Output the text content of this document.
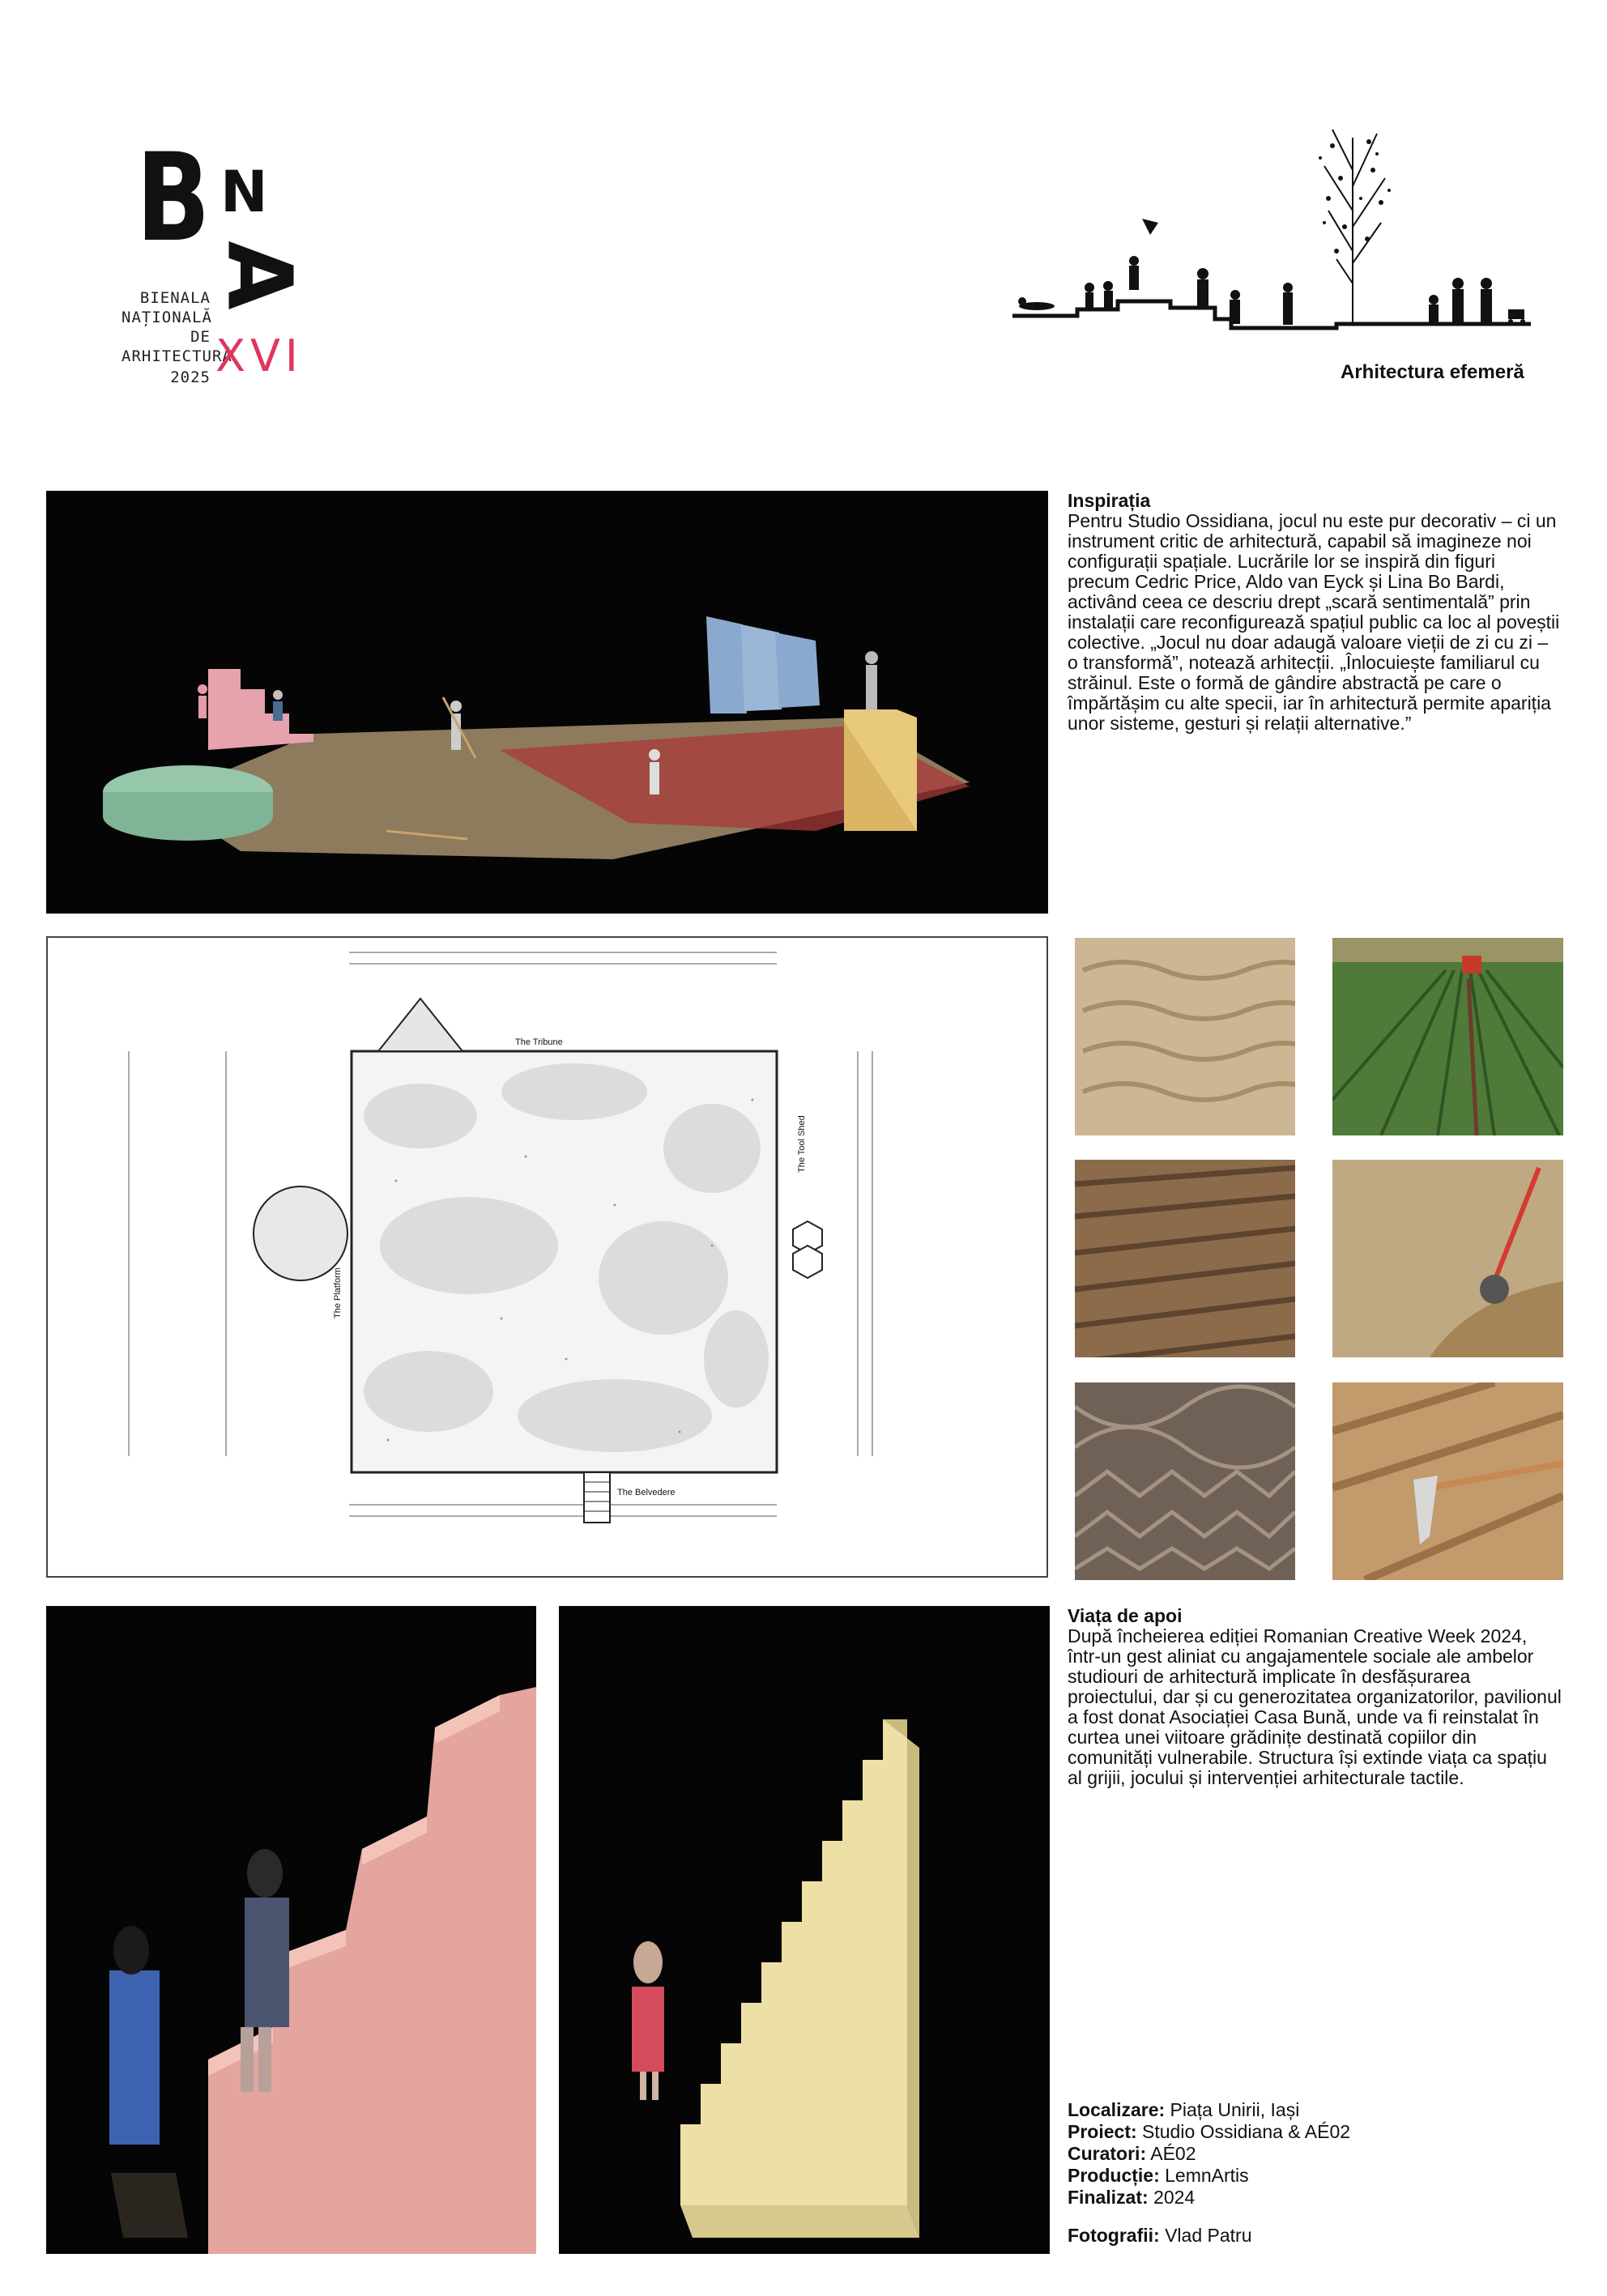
B N
A
BIENALA
NAȚIONALĂ
DE
ARHITECTURĂ
2025 XVI	Arhitectura efemeră
Inspirația

Pentru Studio Ossidiana, jocul nu este pur decorativ – ci un instrument critic de arhitectură, capabil să imagineze noi configurații spațiale. Lucrările lor se inspiră din figuri precum Cedric Price, Aldo van Eyck și Lina Bo Bardi, activând ceea ce descriu drept „scară sentimentală” prin instalații care reconfigurează spațiul public ca loc al poveștii colective. „Jocul nu doar adaugă valoare vieții de zi cu zi – o transformă”, notează arhitecții. „Înlocuiește familiarul cu străinul. Este o formă de gândire abstractă pe care o împărtășim cu alte specii, iar în arhitectură permite apariția unor sisteme, gesturi și relații alternative.”

The Tribune
The Tool Shed
The Platform
The Belvedere
Viața de apoi

După încheierea ediției Romanian Creative Week 2024, într-un gest aliniat cu angajamentele sociale ale ambelor studiouri de arhitectură implicate în desfășurarea proiectului, dar și cu generozitatea organizatorilor, pavilionul a fost donat Asociației Casa Bună, unde va fi reinstalat în curtea unei viitoare grădinițe destinată copiilor din comunități vulnerabile. Structura își extinde viața ca spațiu al grijii, jocului și intervenției arhitecturale tactile.

Localizare: Piața Unirii, Iași
Proiect: Studio Ossidiana & AÉ02
Curatori: AÉ02
Producție: LemnArtis
Finalizat: 2024
Fotografii: Vlad Patru
